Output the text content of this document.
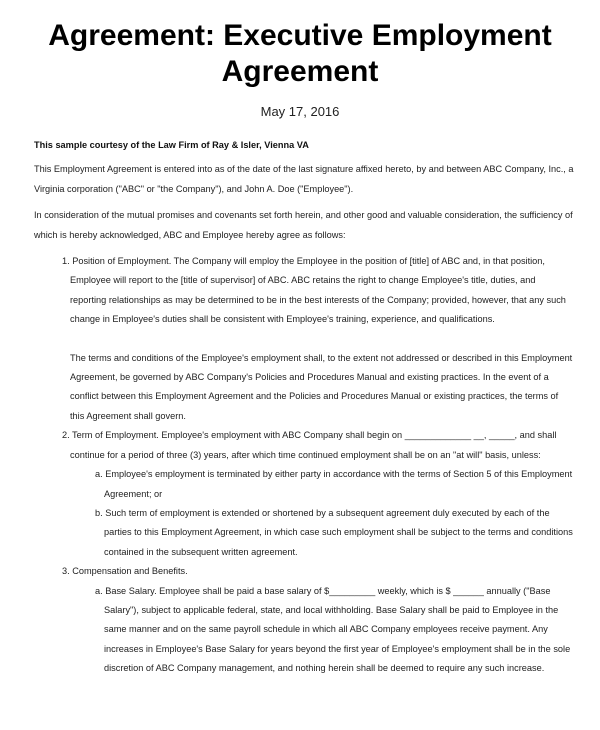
Agreement: Executive Employment
Agreement
May 17, 2016

This sample courtesy of the Law Firm of Ray & Isler, Vienna VA

This Employment Agreement is entered into as of the date of the last signature affixed hereto, by and between ABC Company, Inc., a Virginia corporation ("ABC" or "the Company"), and John A. Doe ("Employee").

In consideration of the mutual promises and covenants set forth herein, and other good and valuable consideration, the sufficiency of which is hereby acknowledged, ABC and Employee hereby agree as follows:

1. Position of Employment. The Company will employ the Employee in the position of [title] of ABC and, in that position, Employee will report to the [title of supervisor] of ABC. ABC retains the right to change Employee's title, duties, and reporting relationships as may be determined to be in the best interests of the Company; provided, however, that any such change in Employee's duties shall be consistent with Employee's training, experience, and qualifications.

The terms and conditions of the Employee's employment shall, to the extent not addressed or described in this Employment Agreement, be governed by ABC Company's Policies and Procedures Manual and existing practices. In the event of a conflict between this Employment Agreement and the Policies and Procedures Manual or existing practices, the terms of this Agreement shall govern.

2. Term of Employment. Employee's employment with ABC Company shall begin on _____________ __, _____, and shall continue for a period of three (3) years, after which time continued employment shall be on an "at will" basis, unless:

a. Employee's employment is terminated by either party in accordance with the terms of Section 5 of this Employment Agreement; or

b. Such term of employment is extended or shortened by a subsequent agreement duly executed by each of the parties to this Employment Agreement, in which case such employment shall be subject to the terms and conditions contained in the subsequent written agreement.

3. Compensation and Benefits.

a. Base Salary. Employee shall be paid a base salary of $_________ weekly, which is $ ______ annually ("Base Salary"), subject to applicable federal, state, and local withholding. Base Salary shall be paid to Employee in the same manner and on the same payroll schedule in which all ABC Company employees receive payment. Any increases in Employee's Base Salary for years beyond the first year of Employee's employment shall be in the sole discretion of ABC Company management, and nothing herein shall be deemed to require any such increase.
